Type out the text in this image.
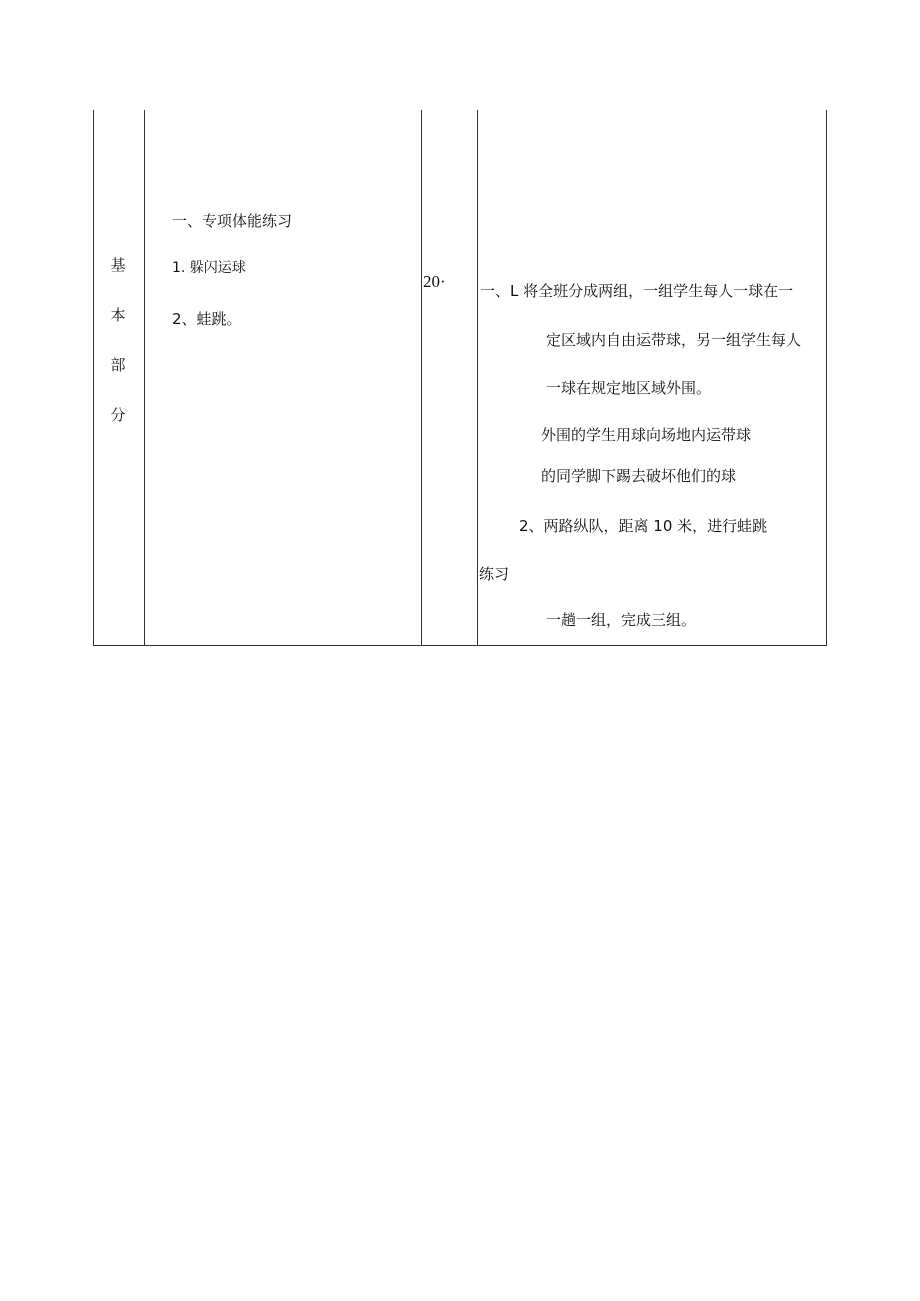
基
本
部
分
一、专项体能练习
1. 躲闪运球
2、蛙跳。
20· 一、L 将全班分成两组，一组学生每人一球在一
定区域内自由运带球，另一组学生每人
一球在规定地区域外围。
外围的学生用球向场地内运带球
的同学脚下踢去破坏他们的球
2、两路纵队，距离 10 米，进行蛙跳
练习
一趟一组，完成三组。
